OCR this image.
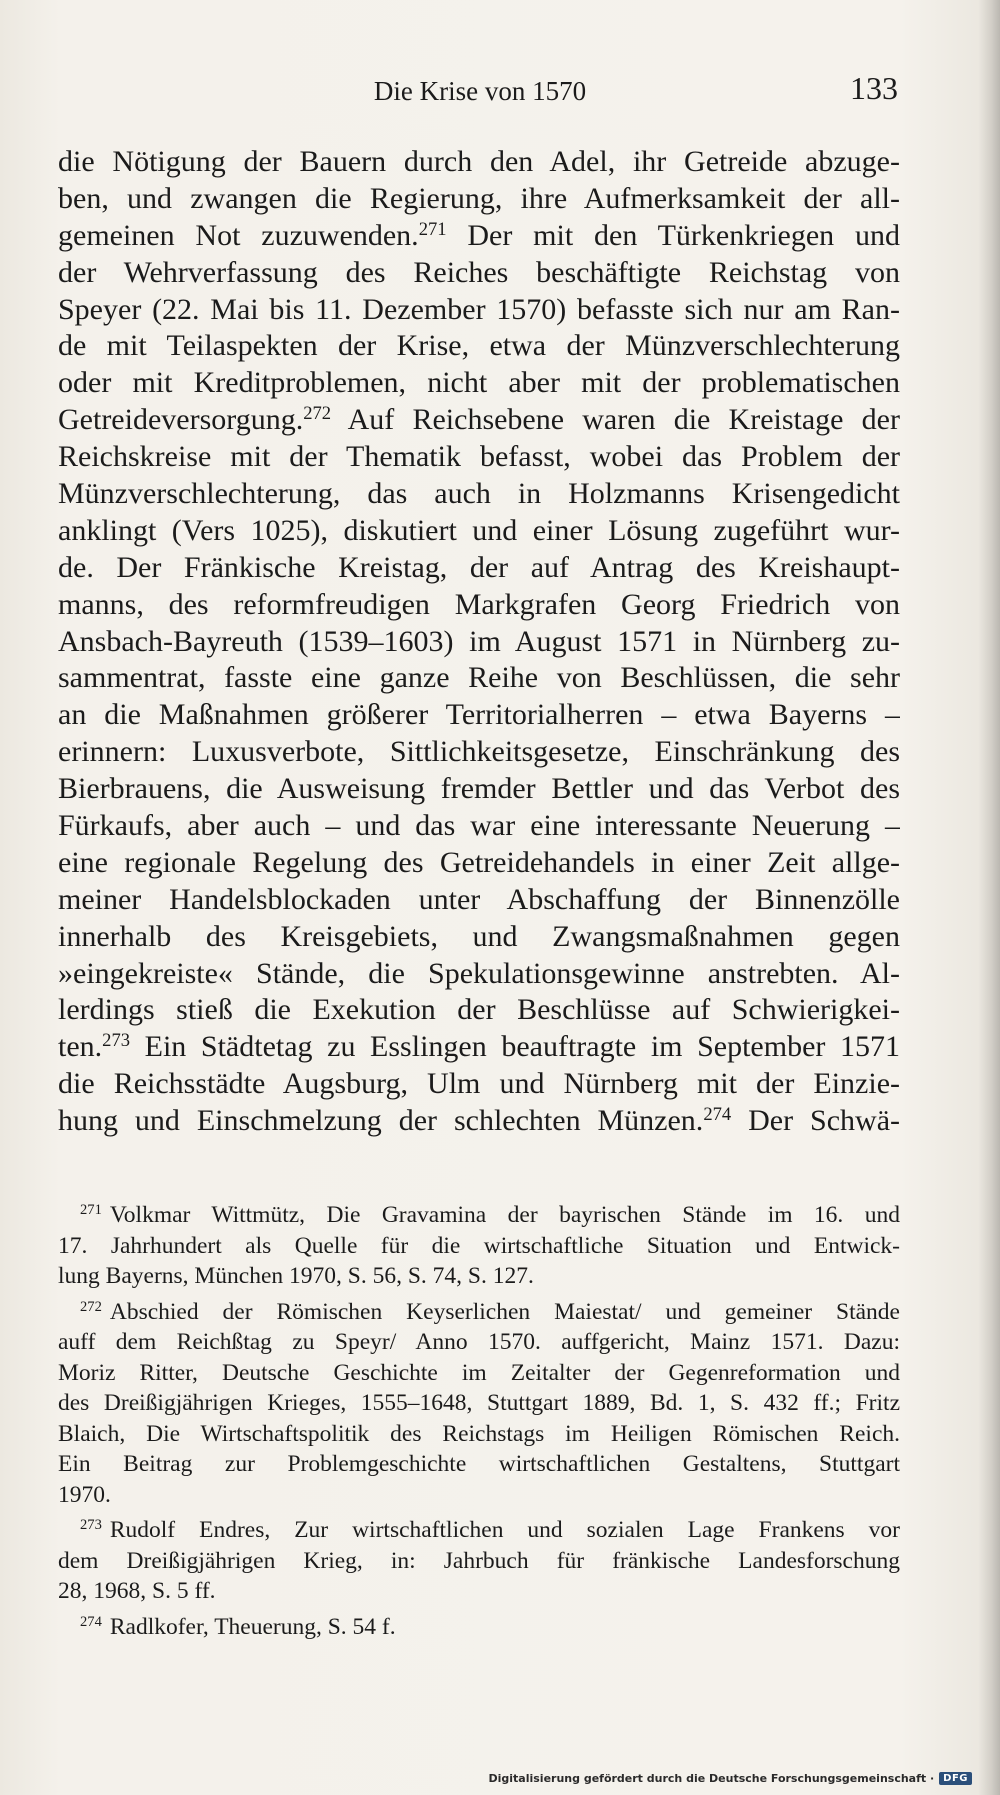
Die Krise von 1570	133
die Nötigung der Bauern durch den Adel, ihr Getreide abzuge-
ben, und zwangen die Regierung, ihre Aufmerksamkeit der all-
gemeinen Not zuzuwenden.$^{271}$ Der mit den Türkenkriegen und
der Wehrverfassung des Reiches beschäftigte Reichstag von
Speyer (22. Mai bis 11. Dezember 1570) befasste sich nur am Ran-
de mit Teilaspekten der Krise, etwa der Münzverschlechterung
oder mit Kreditproblemen, nicht aber mit der problematischen
Getreideversorgung.$^{272}$ Auf Reichsebene waren die Kreistage der
Reichskreise mit der Thematik befasst, wobei das Problem der
Münzverschlechterung, das auch in Holzmanns Krisengedicht
anklingt (Vers 1025), diskutiert und einer Lösung zugeführt wur-
de. Der Fränkische Kreistag, der auf Antrag des Kreishaupt-
manns, des reformfreudigen Markgrafen Georg Friedrich von
Ansbach-Bayreuth (1539–1603) im August 1571 in Nürnberg zu-
sammentrat, fasste eine ganze Reihe von Beschlüssen, die sehr
an die Maßnahmen größerer Territorialherren – etwa Bayerns –
erinnern: Luxusverbote, Sittlichkeitsgesetze, Einschränkung des
Bierbrauens, die Ausweisung fremder Bettler und das Verbot des
Fürkaufs, aber auch – und das war eine interessante Neuerung –
eine regionale Regelung des Getreidehandels in einer Zeit allge-
meiner Handelsblockaden unter Abschaffung der Binnenzölle
innerhalb des Kreisgebiets, und Zwangsmaßnahmen gegen
»eingekreiste« Stände, die Spekulationsgewinne anstrebten. Al-
lerdings stieß die Exekution der Beschlüsse auf Schwierigkei-
ten.$^{273}$ Ein Städtetag zu Esslingen beauftragte im September 1571
die Reichsstädte Augsburg, Ulm und Nürnberg mit der Einzie-
hung und Einschmelzung der schlechten Münzen.$^{274}$ Der Schwä-
$^{271}$ Volkmar Wittmütz, Die Gravamina der bayrischen Stände im 16. und
17. Jahrhundert als Quelle für die wirtschaftliche Situation und Entwick-
lung Bayerns, München 1970, S. 56, S. 74, S. 127.
$^{272}$ Abschied der Römischen Keyserlichen Maiestat/ und gemeiner Stände
auff dem Reichßtag zu Speyr/ Anno 1570. auffgericht, Mainz 1571. Dazu:
Moriz Ritter, Deutsche Geschichte im Zeitalter der Gegenreformation und
des Dreißigjährigen Krieges, 1555–1648, Stuttgart 1889, Bd. 1, S. 432 ff.; Fritz
Blaich, Die Wirtschaftspolitik des Reichstags im Heiligen Römischen Reich.
Ein Beitrag zur Problemgeschichte wirtschaftlichen Gestaltens, Stuttgart
1970.
$^{273}$ Rudolf Endres, Zur wirtschaftlichen und sozialen Lage Frankens vor
dem Dreißigjährigen Krieg, in: Jahrbuch für fränkische Landesforschung
28, 1968, S. 5 ff.
$^{274}$ Radlkofer, Theuerung, S. 54 f.
Digitalisierung gefördert durch die Deutsche Forschungsgemeinschaft · DFG
